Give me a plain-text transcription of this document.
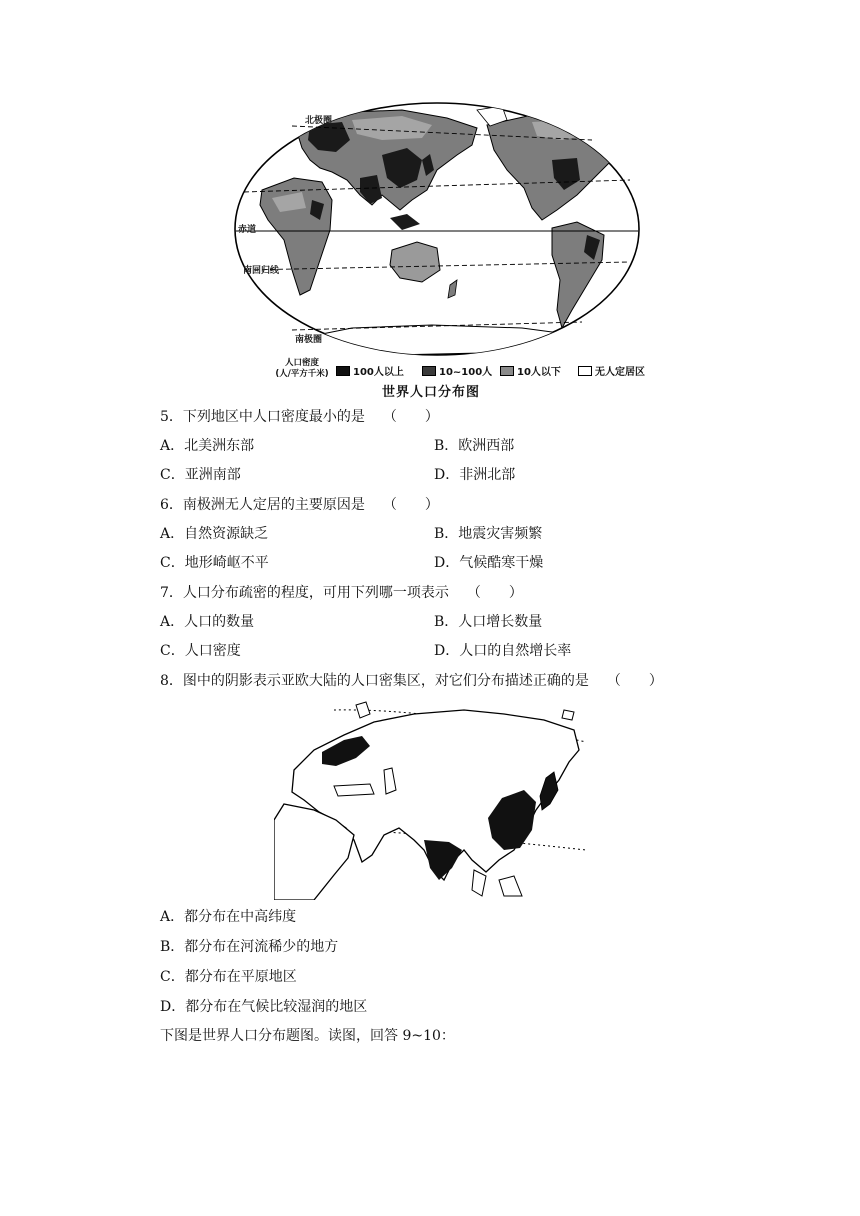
北极圈
赤道
南回归线
南极圈
人口密度
(人/平方千米)	100人以上	10~100人 10人以下	无人定居区
世界人口分布图
5．下列地区中人口密度最小的是 （　　）
A．北美洲东部	B．欧洲西部
C．亚洲南部	D．非洲北部
6．南极洲无人定居的主要原因是 （　　）
A．自然资源缺乏	B．地震灾害频繁
C．地形崎岖不平	D．气候酷寒干燥
7．人口分布疏密的程度，可用下列哪一项表示 （　　）
A．人口的数量	B．人口增长数量
C．人口密度	D．人口的自然增长率
8．图中的阴影表示亚欧大陆的人口密集区，对它们分布描述正确的是 （　　）
A．都分布在中高纬度
B．都分布在河流稀少的地方
C．都分布在平原地区
D．都分布在气候比较湿润的地区
下图是世界人口分布题图。读图，回答 9~10：
